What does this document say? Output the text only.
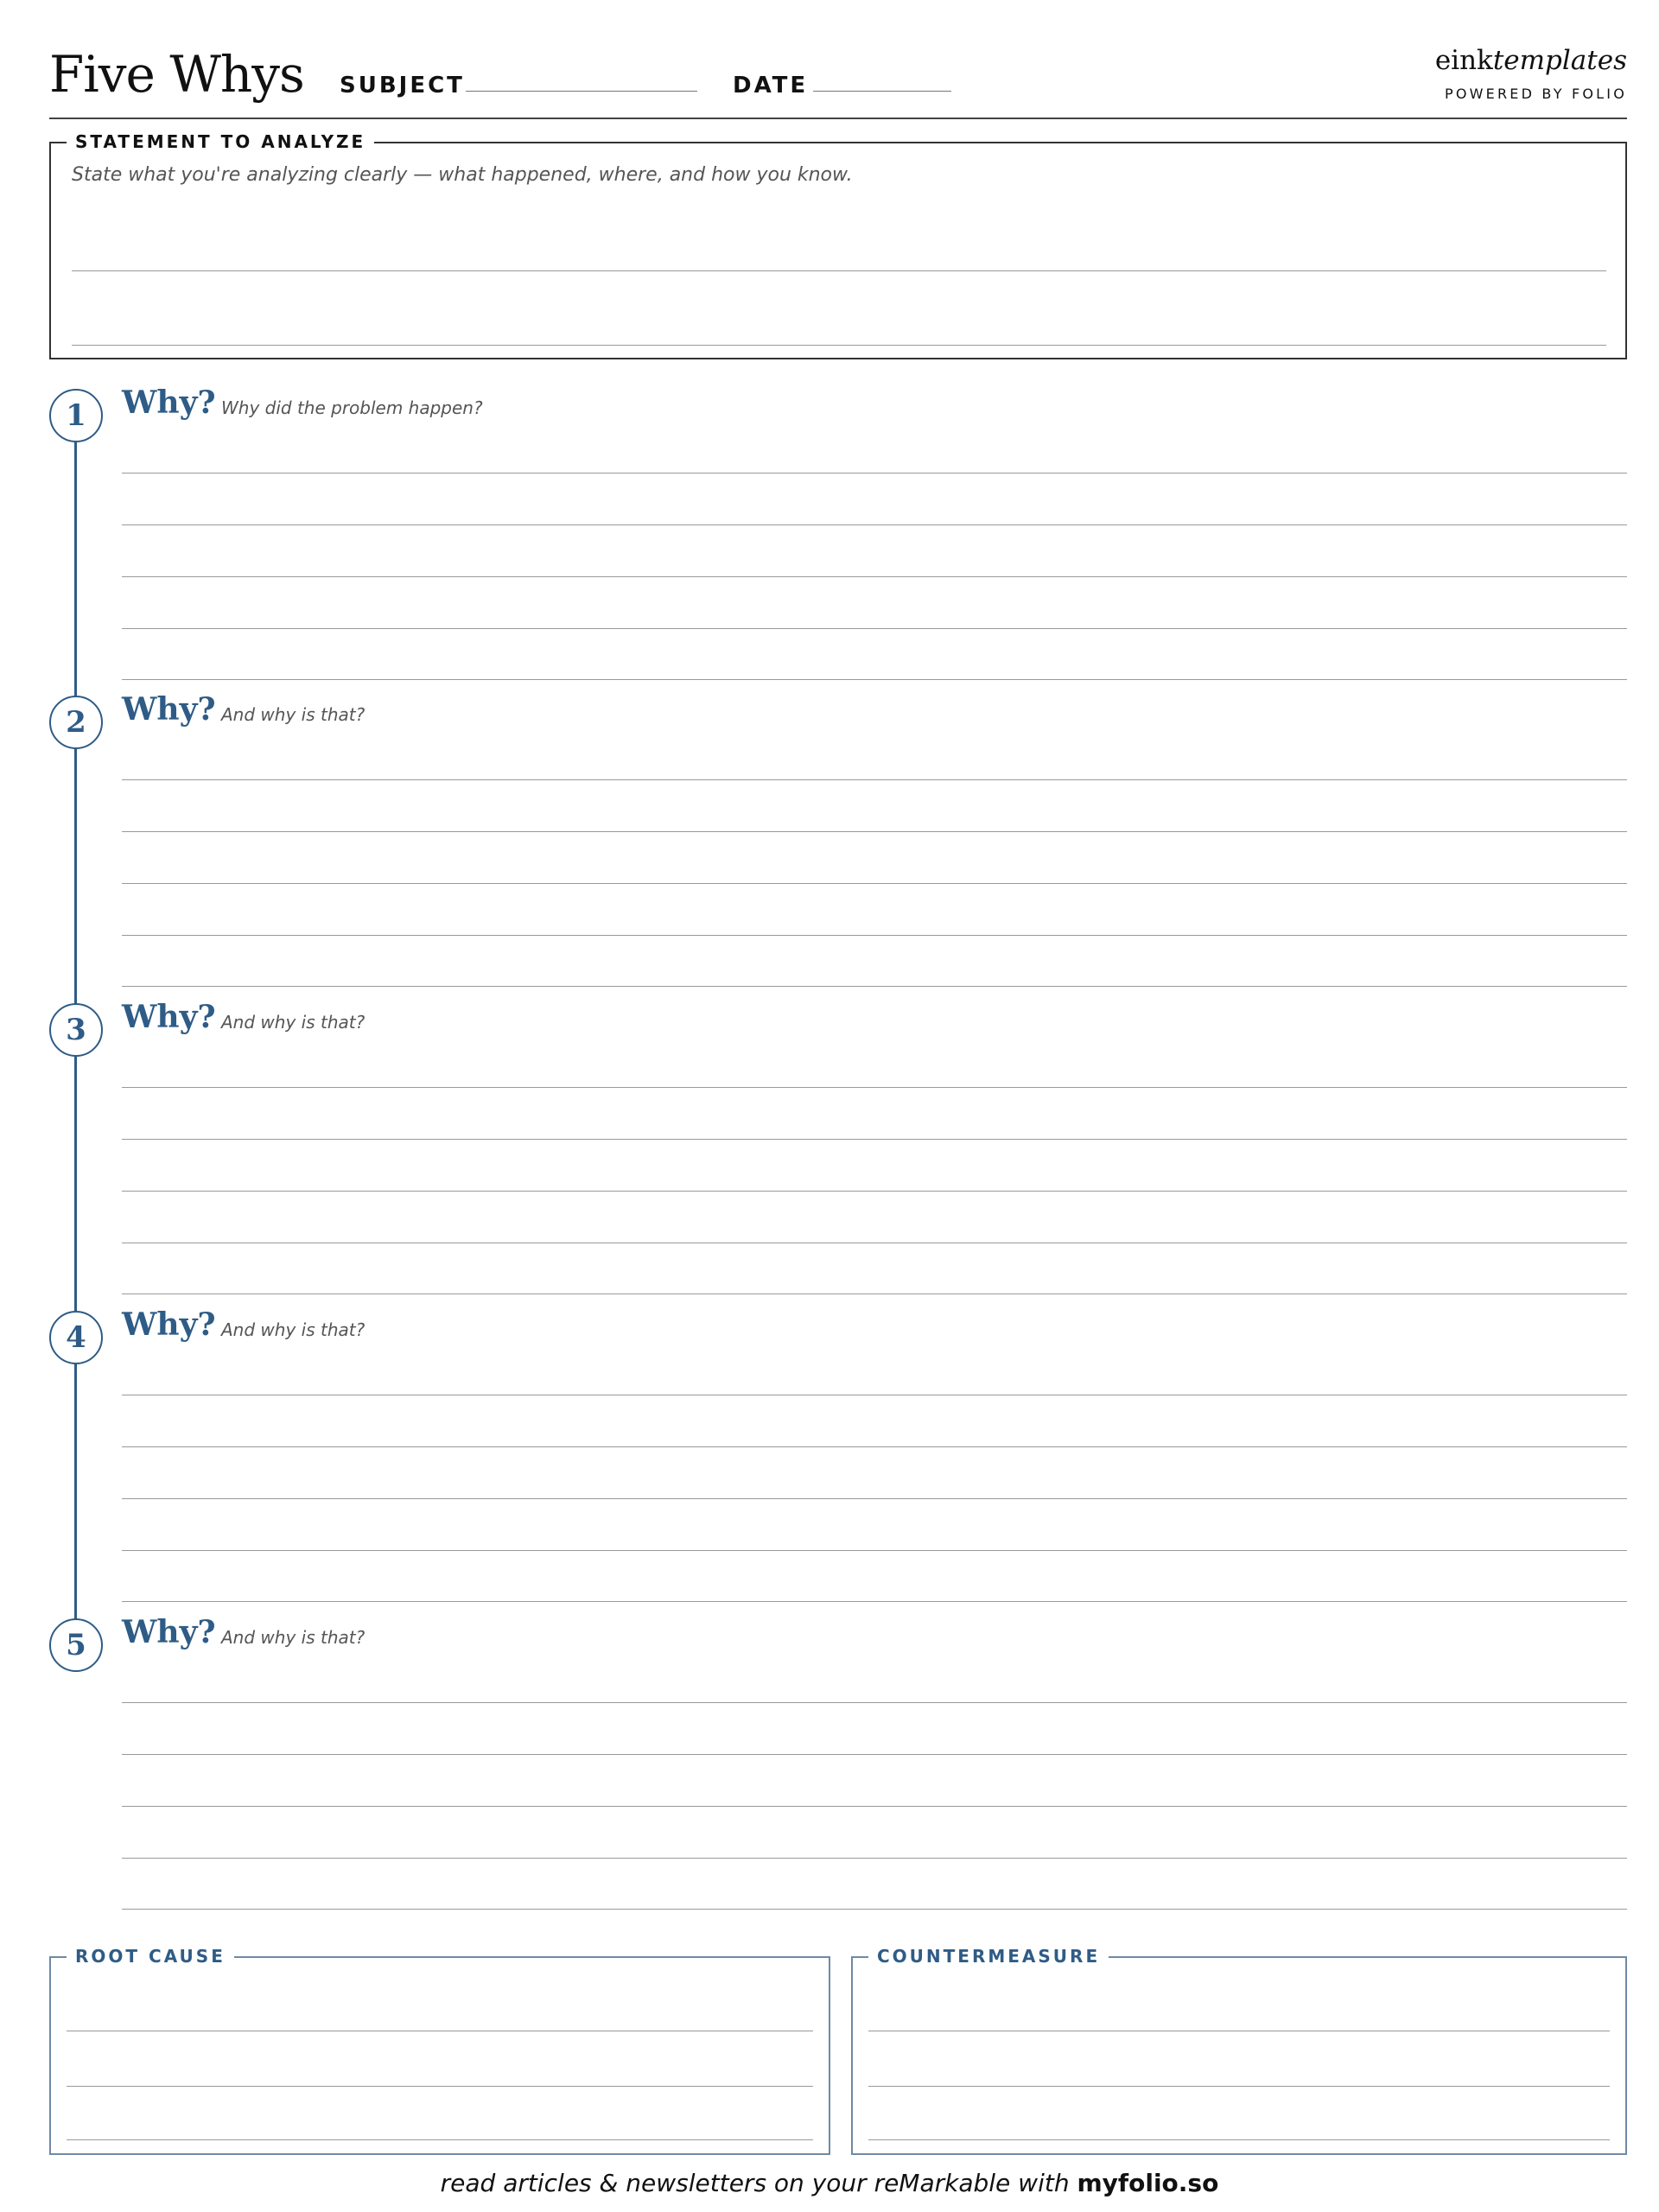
Five Whys SUBJECT	DATE
einktemplates
POWERED BY FOLIO
STATEMENT TO ANALYZE
State what you're analyzing clearly — what happened, where, and how you know.
1	Why? Why did the problem happen?
2	Why? And why is that?
3	Why? And why is that?
4	Why? And why is that?
5	Why? And why is that?
ROOT CAUSE	COUNTERMEASURE
read articles & newsletters on your reMarkable with myfolio.so
